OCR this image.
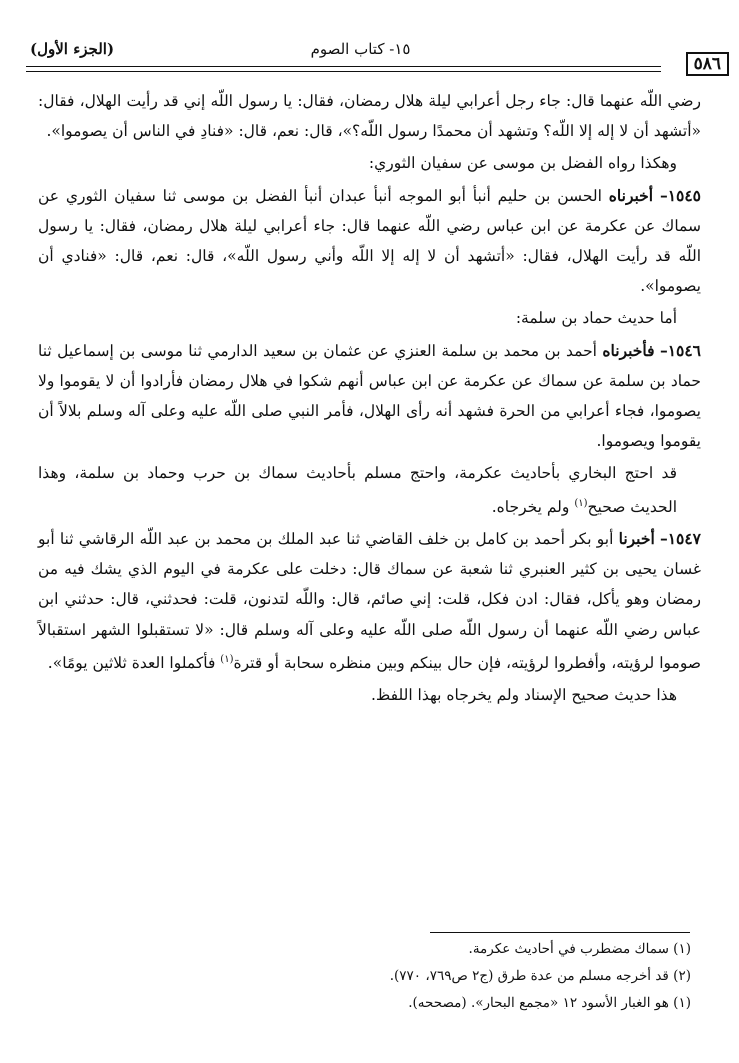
(الجزء الأول)	١٥- كتاب الصوم
٥٨٦

رضي اللّه عنهما قال: جاء رجل أعرابي ليلة هلال رمضان، فقال: يا رسول اللّه إني قد رأيت الهلال، فقال: «أتشهد أن لا إله إلا اللّه؟ وتشهد أن محمدًا رسول اللّه؟»، قال: نعم، قال: «فنادِ في الناس أن يصوموا».

وهكذا رواه الفضل بن موسى عن سفيان الثوري:

١٥٤٥– أخبرناه الحسن بن حليم أنبأ أبو الموجه أنبأ عبدان أنبأ الفضل بن موسى ثنا سفيان الثوري عن سماك عن عكرمة عن ابن عباس رضي اللّه عنهما قال: جاء أعرابي ليلة هلال رمضان، فقال: يا رسول اللّه قد رأيت الهلال، فقال: «أتشهد أن لا إله إلا اللّه وأني رسول اللّه»، قال: نعم، قال: «فنادي أن يصوموا».

أما حديث حماد بن سلمة:

١٥٤٦– فأخبرناه أحمد بن محمد بن سلمة العنزي عن عثمان بن سعيد الدارمي ثنا موسى بن إسماعيل ثنا حماد بن سلمة عن سماك عن عكرمة عن ابن عباس أنهم شكوا في هلال رمضان فأرادوا أن لا يقوموا ولا يصوموا، فجاء أعرابي من الحرة فشهد أنه رأى الهلال، فأمر النبي صلى اللّه عليه وعلى آله وسلم بلالاً أن يقوموا ويصوموا.

قد احتج البخاري بأحاديث عكرمة، واحتج مسلم بأحاديث سماك بن حرب وحماد بن سلمة، وهذا الحديث صحيح$^{(١)}$ ولم يخرجاه.

١٥٤٧– أخبرنا أبو بكر أحمد بن كامل بن خلف القاضي ثنا عبد الملك بن محمد بن عبد اللّه الرقاشي ثنا أبو غسان يحيى بن كثير العنبري ثنا شعبة عن سماك قال: دخلت على عكرمة في اليوم الذي يشك فيه من رمضان وهو يأكل، فقال: ادن فكل، قلت: إني صائم، قال: واللّه لتدنون، قلت: فحدثني، قال: حدثني ابن عباس رضي اللّه عنهما أن رسول اللّه صلى اللّه عليه وعلى آله وسلم قال: «لا تستقبلوا الشهر استقبالاً صوموا لرؤيته، وأفطروا لرؤيته، فإن حال بينكم وبين منظره سحابة أو قترة$^{(١)}$ فأكملوا العدة ثلاثين يومًا».

هذا حديث صحيح الإسناد ولم يخرجاه بهذا اللفظ.

(١) سماك مضطرب في أحاديث عكرمة.
(٢) قد أخرجه مسلم من عدة طرق (ج٢ ص٧٦٩، ٧٧٠).
(١) هو الغبار الأسود ١٢ «مجمع البحار». (مصححه).
